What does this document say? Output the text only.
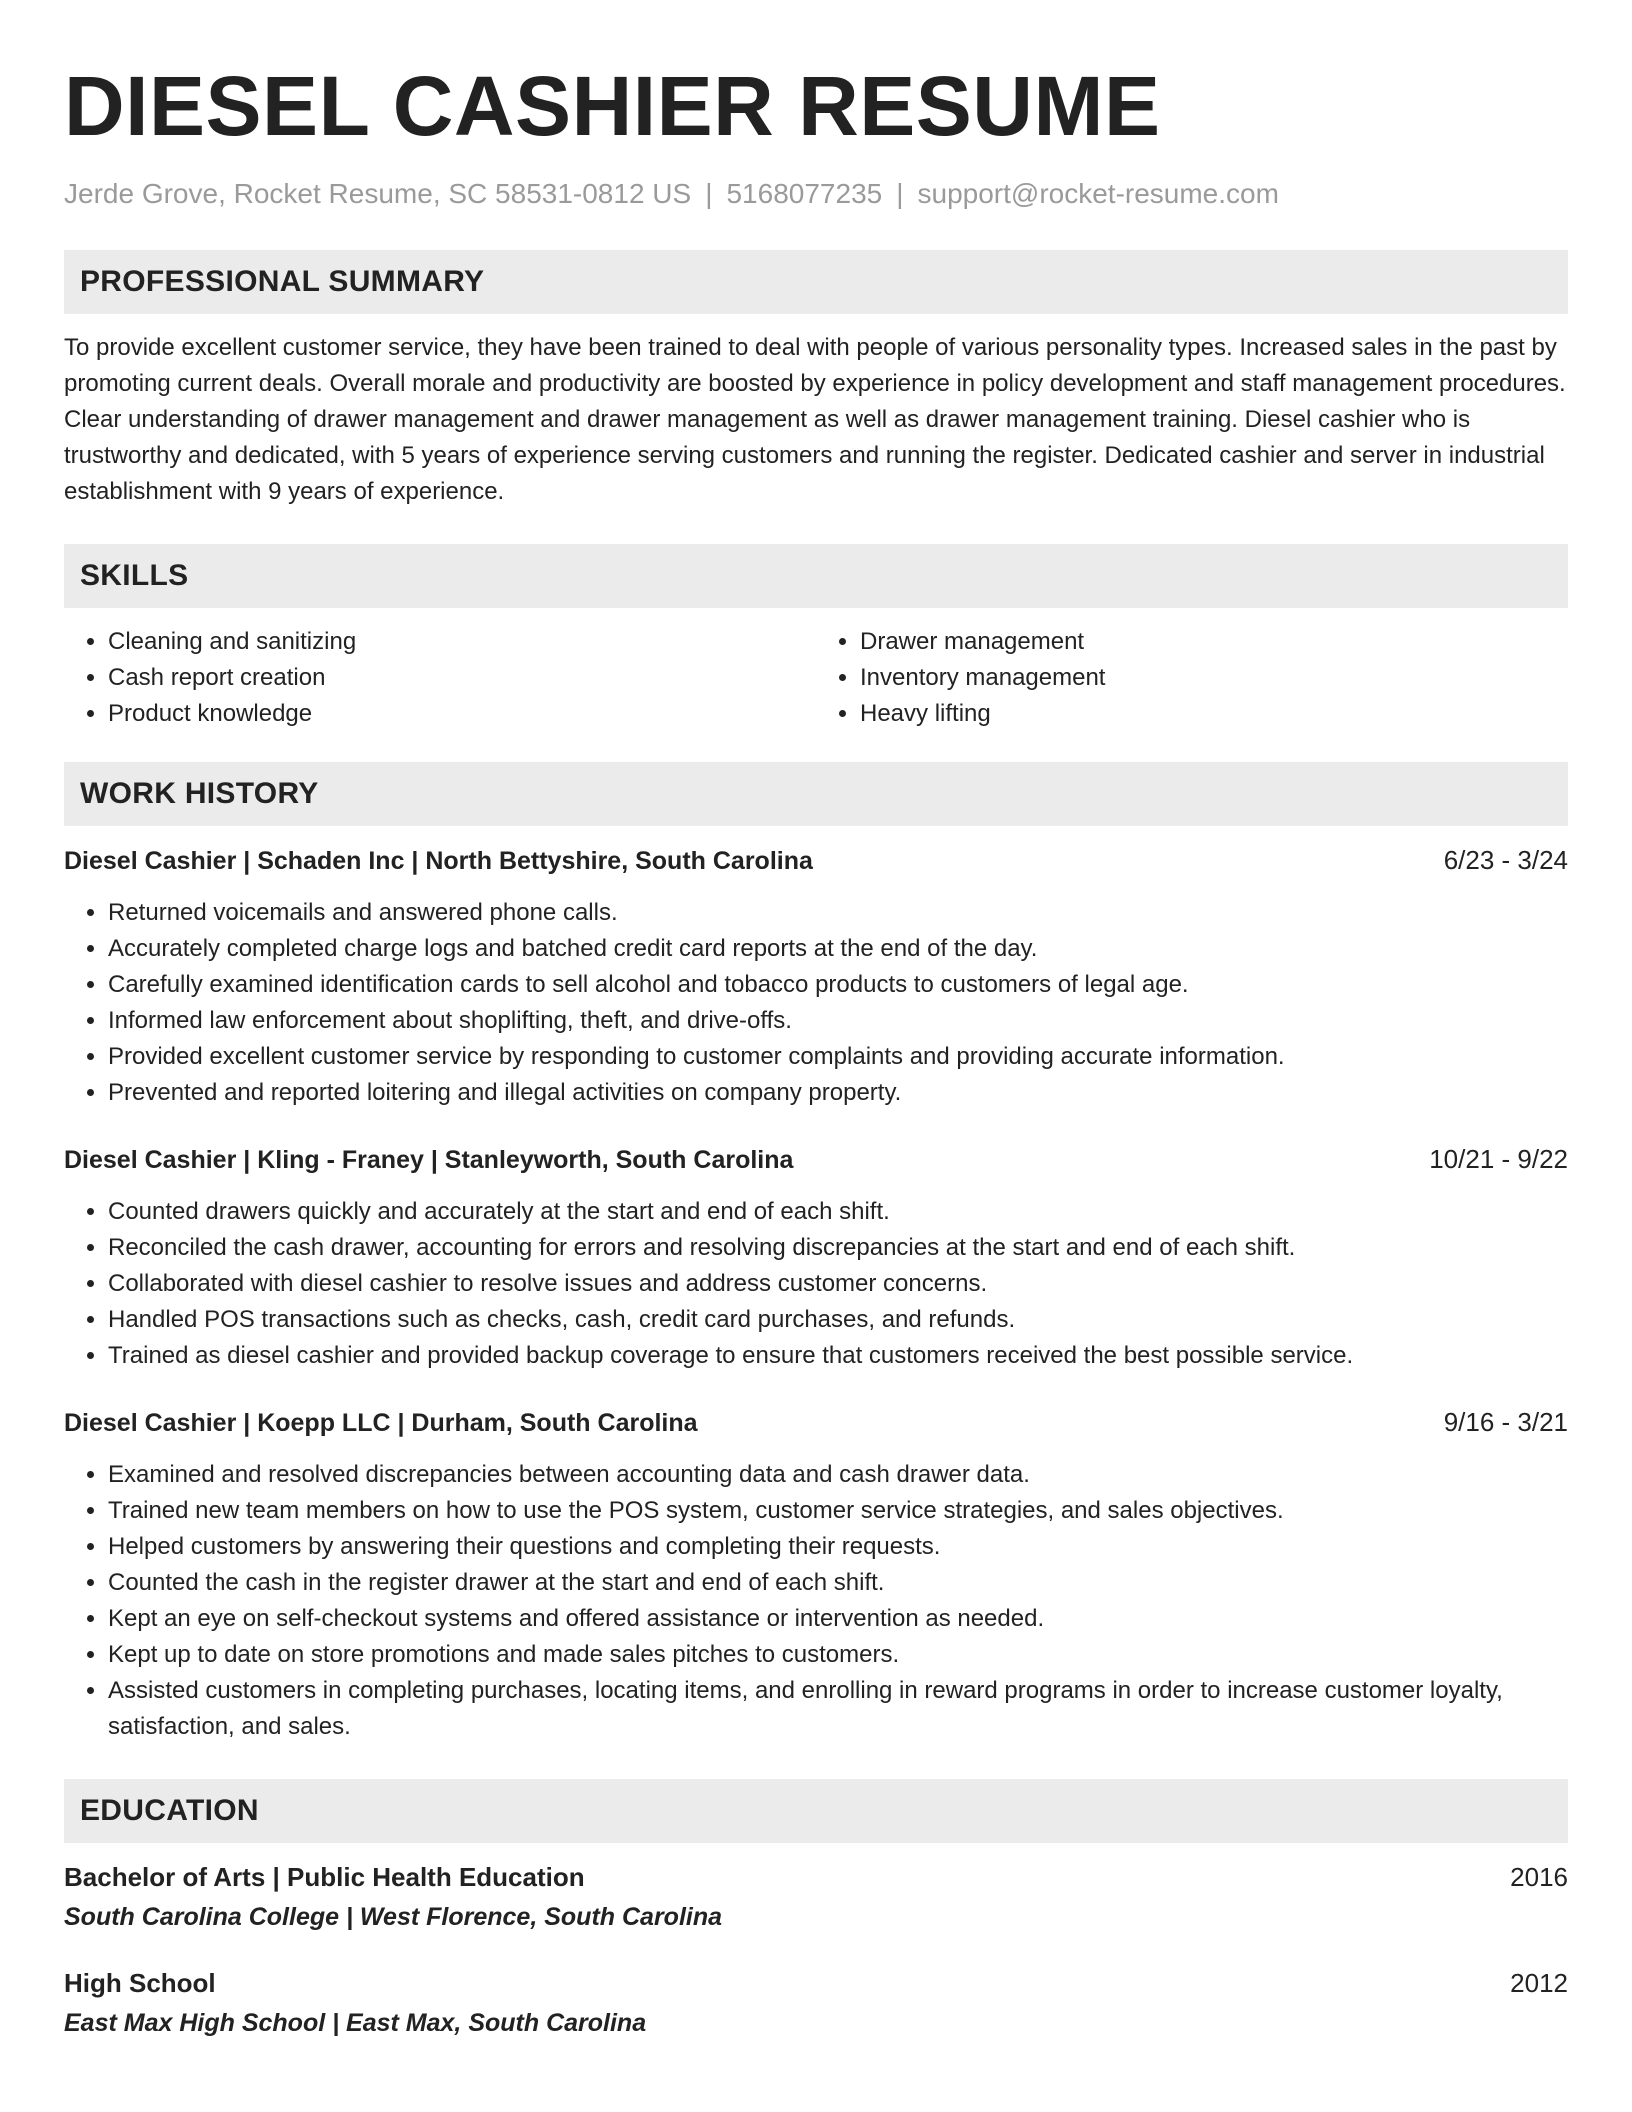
DIESEL CASHIER RESUME
Jerde Grove, Rocket Resume, SC 58531-0812 US | 5168077235 | support@rocket-resume.com
PROFESSIONAL SUMMARY

To provide excellent customer service, they have been trained to deal with people of various personality types. Increased sales in the past by promoting current deals. Overall morale and productivity are boosted by experience in policy development and staff management procedures. Clear understanding of drawer management and drawer management as well as drawer management training. Diesel cashier who is trustworthy and dedicated, with 5 years of experience serving customers and running the register. Dedicated cashier and server in industrial establishment with 9 years of experience.

SKILLS
• Cleaning and sanitizing
• Cash report creation
• Product knowledge
• Drawer management
• Inventory management
• Heavy lifting
WORK HISTORY
Diesel Cashier | Schaden Inc | North Bettyshire, South Carolina	6/23 - 3/24
• Returned voicemails and answered phone calls.
• Accurately completed charge logs and batched credit card reports at the end of the day.
• Carefully examined identification cards to sell alcohol and tobacco products to customers of legal age.
• Informed law enforcement about shoplifting, theft, and drive-offs.
• Provided excellent customer service by responding to customer complaints and providing accurate information.
• Prevented and reported loitering and illegal activities on company property.
Diesel Cashier | Kling - Franey | Stanleyworth, South Carolina	10/21 - 9/22
• Counted drawers quickly and accurately at the start and end of each shift.
• Reconciled the cash drawer, accounting for errors and resolving discrepancies at the start and end of each shift.
• Collaborated with diesel cashier to resolve issues and address customer concerns.
• Handled POS transactions such as checks, cash, credit card purchases, and refunds.
• Trained as diesel cashier and provided backup coverage to ensure that customers received the best possible service.
Diesel Cashier | Koepp LLC | Durham, South Carolina	9/16 - 3/21
• Examined and resolved discrepancies between accounting data and cash drawer data.
• Trained new team members on how to use the POS system, customer service strategies, and sales objectives.
• Helped customers by answering their questions and completing their requests.
• Counted the cash in the register drawer at the start and end of each shift.
• Kept an eye on self-checkout systems and offered assistance or intervention as needed.
• Kept up to date on store promotions and made sales pitches to customers.
• Assisted customers in completing purchases, locating items, and enrolling in reward programs in order to increase customer loyalty, satisfaction, and sales.
EDUCATION
Bachelor of Arts | Public Health Education	2016
South Carolina College | West Florence, South Carolina
High School	2012
East Max High School | East Max, South Carolina
